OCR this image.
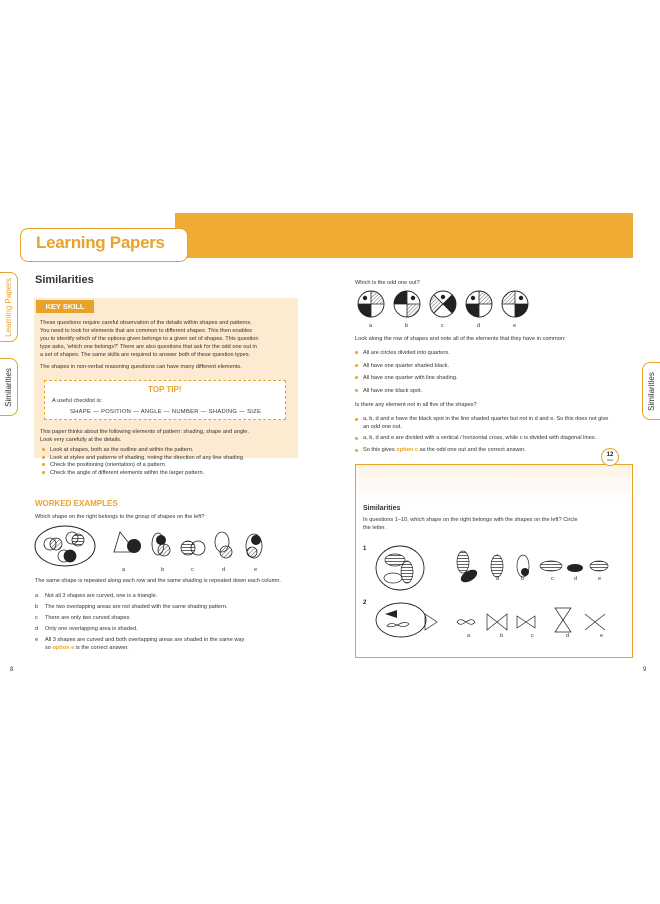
Learning Papers
Learning Papers
Similarities	Similarities
Similarities
KEY SKILL
These questions require careful observation of the details within shapes and patterns.
You need to look for elements that are common to different shapes. This then enables
you to identify which of the options given belongs to a given set of shapes. This question
type asks, 'which one belongs?' There are also questions that ask for the odd one out in
a set of shapes. The same skills are required to answer both of these question types.
The shapes in non-verbal reasoning questions can have many different elements.
TOP TIP!
A useful checklist is:
SHAPE — POSITION — ANGLE — NUMBER — SHADING — SIZE
This paper thinks about the following elements of pattern: shading, shape and angle.
Look very carefully at the details.
Look at shapes, both as the outline and within the pattern.
Look at styles and patterns of shading, noting the direction of any line shading.
Check the positioning (orientation) of a pattern.
Check the angle of different elements within the larger pattern.
WORKED EXAMPLES
Which shape on the right belongs to the group of shapes on the left?
a	b	c	d	e
The same shape is repeated along each row and the same shading is repeated down each column.
a	Not all 3 shapes are curved, one is a triangle.
b	The two overlapping areas are not shaded with the same shading pattern.
c	There are only two curved shapes.
d	Only one overlapping area is shaded.
e	All 3 shapes are curved and both overlapping areas are shaded in the same way
so option e is the correct answer.
8
Which is the odd one out?
a	b	c	d	e
Look along the row of shapes and note all of the elements that they have in common:
All are circles divided into quarters.
All have one quarter shaded black.
All have one quarter with line shading.
All have one black spot.
Is there any element not in all five of the shapes?
a, b, d and e have the black spot in the line shaded quarter but not in d and e. So this does not give an odd one out.
a, b, d and e are divided with a vertical / horizontal cross, while c is divided with diagonal lines.
So this gives option c as the odd one out and the correct answer.
12
mins
Similarities
In questions 1–10, which shape on the right belongs with the shapes on the left? Circle
the letter.
1
a	b	c	d	e
2
a	b	c	d	e
9
